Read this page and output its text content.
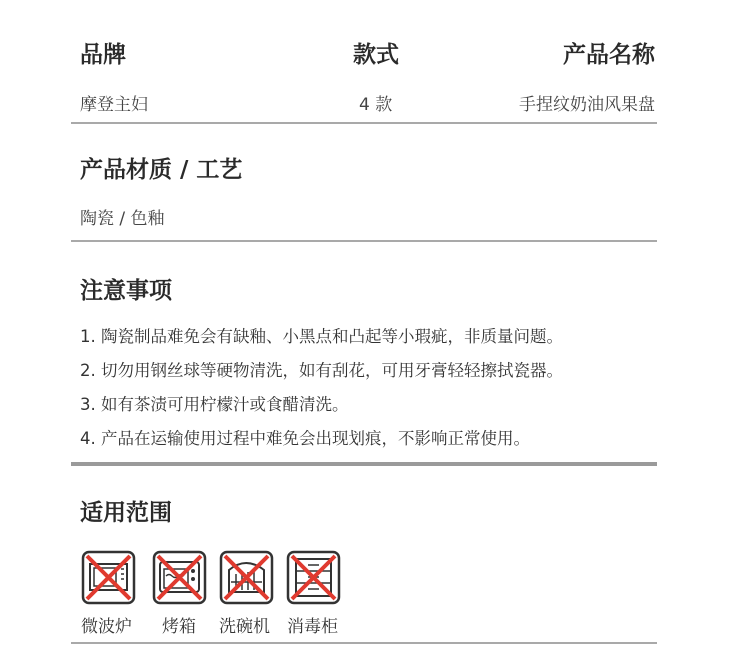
品牌	款式	产品名称
摩登主妇	4 款	手捏纹奶油风果盘
产品材质 / 工艺
陶瓷 / 色釉
注意事项
1. 陶瓷制品难免会有缺釉、小黑点和凸起等小瑕疵，非质量问题。
2. 切勿用钢丝球等硬物清洗，如有刮花，可用牙膏轻轻擦拭瓷器。
3. 如有茶渍可用柠檬汁或食醋清洗。
4. 产品在运输使用过程中难免会出现划痕，不影响正常使用。
适用范围
微波炉 烤箱 洗碗机 消毒柜
